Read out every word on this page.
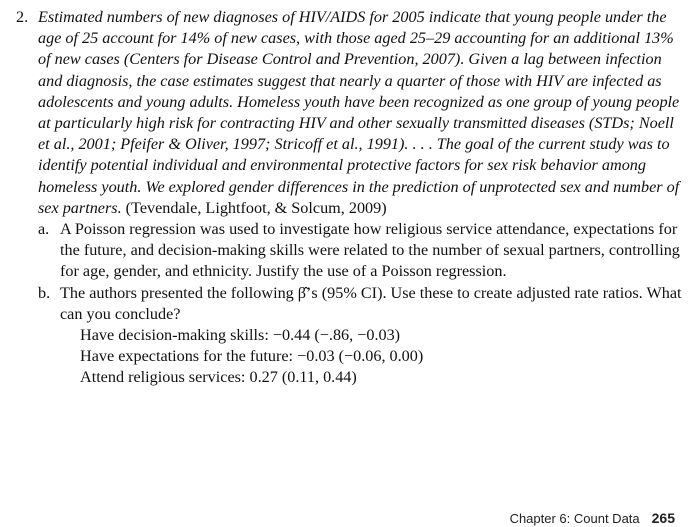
2. Estimated numbers of new diagnoses of HIV/AIDS for 2005 indicate that young people under the age of 25 account for 14% of new cases, with those aged 25–29 accounting for an additional 13% of new cases (Centers for Disease Control and Prevention, 2007). Given a lag between infection and diagnosis, the case estimates suggest that nearly a quarter of those with HIV are infected as adolescents and young adults. Homeless youth have been recognized as one group of young people at particularly high risk for contracting HIV and other sexually transmitted diseases (STDs; Noell et al., 2001; Pfeifer & Oliver, 1997; Stricoff et al., 1991). . . . The goal of the current study was to identify potential individual and environmental protective factors for sex risk behavior among homeless youth. We explored gender differences in the prediction of unprotected sex and number of sex partners. (Tevendale, Lightfoot, & Solcum, 2009)
a. A Poisson regression was used to investigate how religious service attendance, expectations for the future, and decision-making skills were related to the number of sexual partners, controlling for age, gender, and ethnicity. Justify the use of a Poisson regression.
b. The authors presented the following β̂’s (95% CI). Use these to create adjusted rate ratios. What can you conclude?
Have decision-making skills: −0.44 (−.86, −0.03)
Have expectations for the future: −0.03 (−0.06, 0.00)
Attend religious services: 0.27 (0.11, 0.44)
Chapter 6: Count Data 265
